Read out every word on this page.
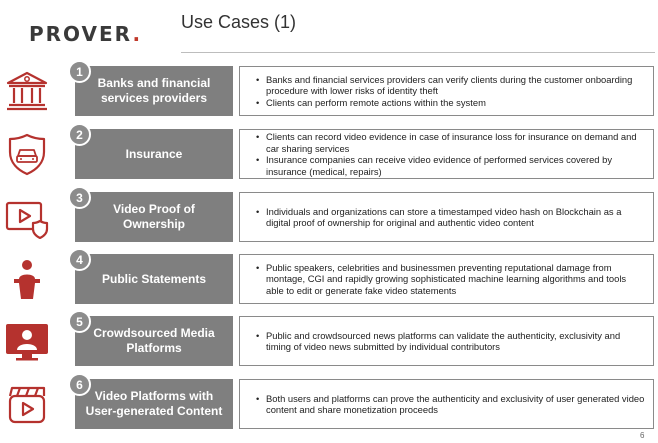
PROVER. Use Cases (1)
Banks and financial services providers
1
• Banks and financial services providers can verify clients during the customer onboarding procedure with lower risks of identity theft
• Clients can perform remote actions within the system
Insurance
2
•	Clients can record video evidence in case of insurance loss for insurance on demand and car sharing services
• Insurance companies can receive video evidence of performed services covered by insurance (medical, repairs)
Video Proof of Ownership
3
• Individuals and organizations can store a timestamped video hash on Blockchain as a digital proof of ownership for original and authentic video content
Public Statements
4
• Public speakers, celebrities and businessmen preventing reputational damage from montage, CGI and rapidly growing sophisticated machine learning algorithms and tools able to edit or generate fake video statements
Crowdsourced Media Platforms
5
• Public and crowdsourced news platforms can validate the authenticity, exclusivity and timing of video news submitted by individual contributors
Video Platforms with User-generated Content
6
• Both users and platforms can prove the authenticity and exclusivity of user generated video content and share monetization proceeds
6
